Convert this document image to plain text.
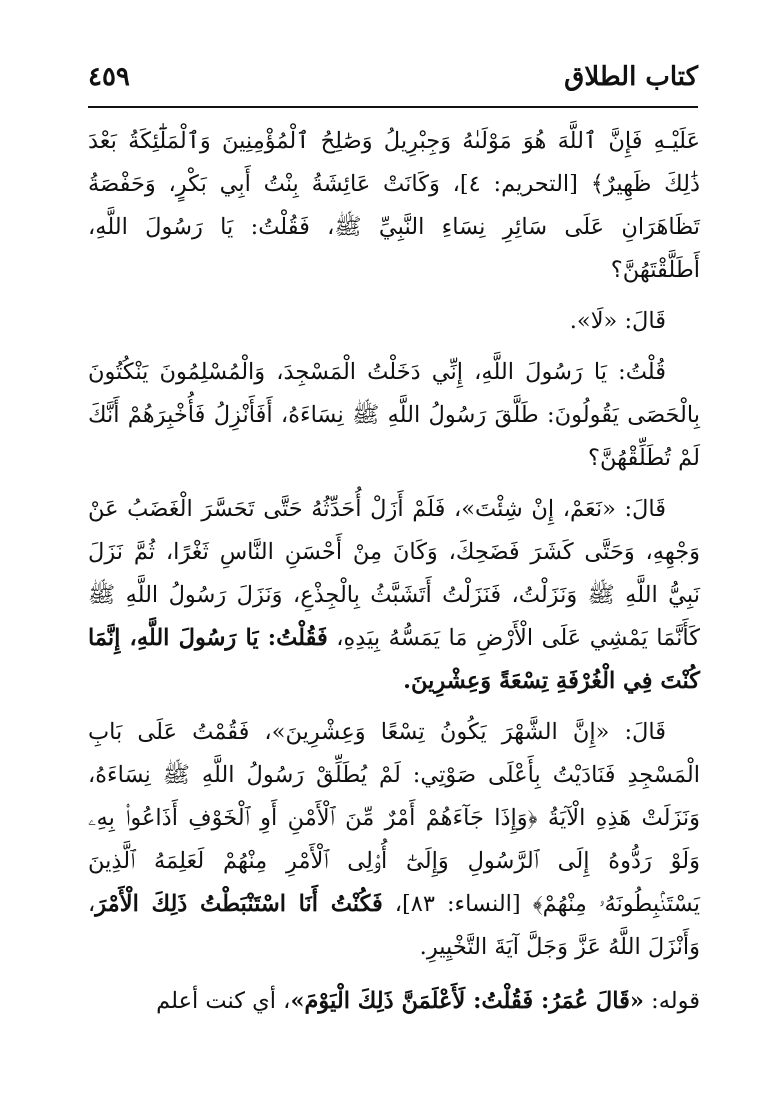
كتاب الطلاق
٤٥٩

عَلَيْـهِ فَإِنَّ ٱللَّهَ هُوَ مَوْلَىٰهُ وَجِبْرِيلُ وَصَٰلِحُ ٱلْمُؤْمِنِينَ وَٱلْمَلَٰٓئِكَةُ بَعْدَ ذَٰلِكَ ظَهِيرٌ﴾ [التحريم: ٤]، وَكَانَتْ عَائِشَةُ بِنْتُ أَبِي بَكْرٍ، وَحَفْصَةُ تَظَاهَرَانِ عَلَى سَائِرِ نِسَاءِ النَّبِيِّ ﷺ، فَقُلْتُ: يَا رَسُولَ اللَّهِ، أَطَلَّقْتَهُنَّ؟

قَالَ: «لَا».

قُلْتُ: يَا رَسُولَ اللَّهِ، إِنِّي دَخَلْتُ الْمَسْجِدَ، وَالْمُسْلِمُونَ يَنْكُتُونَ بِالْحَصَى يَقُولُونَ: طَلَّقَ رَسُولُ اللَّهِ ﷺ نِسَاءَهُ، أَفَأَنْزِلُ فَأُخْبِرَهُمْ أَنَّكَ لَمْ تُطَلِّقْهُنَّ؟

قَالَ: «نَعَمْ، إِنْ شِئْتَ»، فَلَمْ أَزَلْ أُحَدِّثُهُ حَتَّى تَحَسَّرَ الْغَضَبُ عَنْ وَجْهِهِ، وَحَتَّى كَشَرَ فَضَحِكَ، وَكَانَ مِنْ أَحْسَنِ النَّاسِ ثَغْرًا، ثُمَّ نَزَلَ نَبِيُّ اللَّهِ ﷺ وَنَزَلْتُ، فَنَزَلْتُ أَتَشَبَّثُ بِالْجِذْعِ، وَنَزَلَ رَسُولُ اللَّهِ ﷺ كَأَنَّمَا يَمْشِي عَلَى الْأَرْضِ مَا يَمَسُّهُ بِيَدِهِ، فَقُلْتُ: يَا رَسُولَ اللَّهِ، إِنَّمَا كُنْتَ فِي الْغُرْفَةِ تِسْعَةً وَعِشْرِينَ.

قَالَ: «إِنَّ الشَّهْرَ يَكُونُ تِسْعًا وَعِشْرِينَ»، فَقُمْتُ عَلَى بَابِ الْمَسْجِدِ فَنَادَيْتُ بِأَعْلَى صَوْتِي: لَمْ يُطَلِّقْ رَسُولُ اللَّهِ ﷺ نِسَاءَهُ، وَنَزَلَتْ هَذِهِ الْآيَةُ ﴿وَإِذَا جَآءَهُمْ أَمْرٌ مِّنَ ٱلْأَمْنِ أَوِ ٱلْخَوْفِ أَذَاعُوا۟ بِهِۦ وَلَوْ رَدُّوهُ إِلَى ٱلرَّسُولِ وَإِلَىٰٓ أُو۟لِى ٱلْأَمْرِ مِنْهُمْ لَعَلِمَهُ ٱلَّذِينَ يَسْتَنۢبِطُونَهُۥ مِنْهُمْ﴾ [النساء: ٨٣]، فَكُنْتُ أَنَا اسْتَنْبَطْتُ ذَلِكَ الْأَمْرَ، وَأَنْزَلَ اللَّهُ عَزَّ وَجَلَّ آيَةَ التَّخْيِيرِ.

قوله: «قَالَ عُمَرُ: فَقُلْتُ: لَأَعْلَمَنَّ ذَلِكَ الْيَوْمَ»، أي كنت أعلم
